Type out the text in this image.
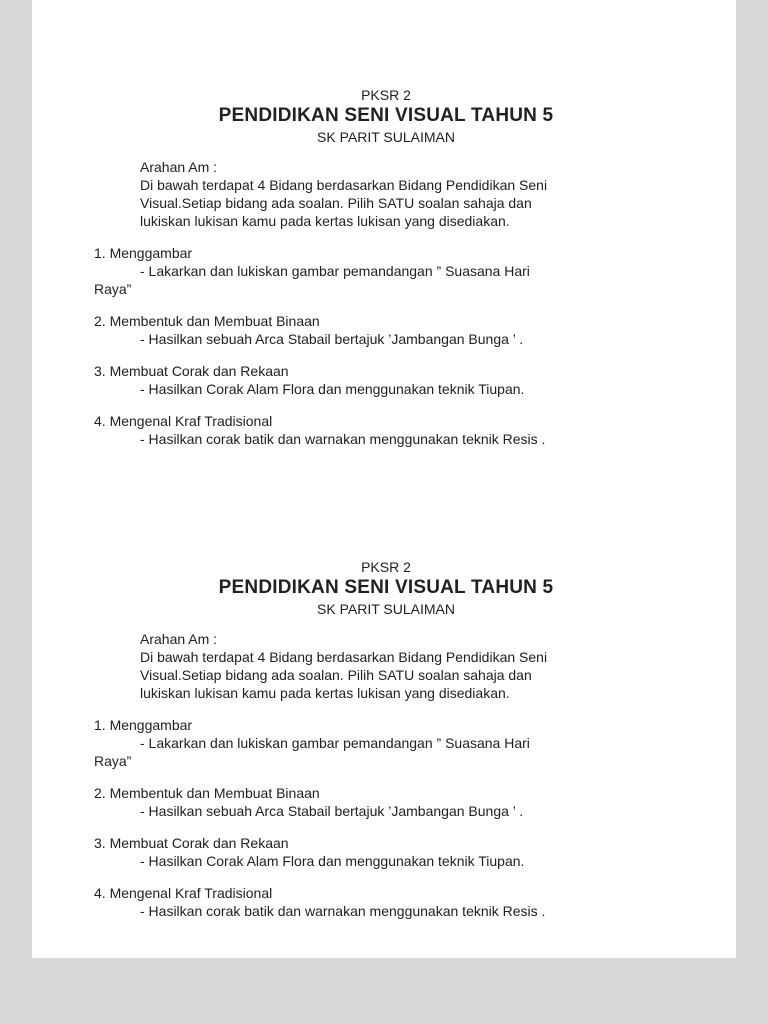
PKSR 2

PENDIDIKAN SENI VISUAL TAHUN 5

SK PARIT SULAIMAN

Arahan Am :

Di bawah terdapat 4 Bidang berdasarkan Bidang Pendidikan Seni

Visual.Setiap bidang ada soalan. Pilih SATU soalan sahaja dan

lukiskan lukisan kamu pada kertas lukisan yang disediakan.

1. Menggambar

- Lakarkan dan lukiskan gambar pemandangan ” Suasana Hari

Raya”

2. Membentuk dan Membuat Binaan

- Hasilkan sebuah Arca Stabail bertajuk ’Jambangan Bunga ’ .

3. Membuat Corak dan Rekaan

- Hasilkan Corak Alam Flora dan menggunakan teknik Tiupan.

4. Mengenal Kraf Tradisional

- Hasilkan corak batik dan warnakan menggunakan teknik Resis .

PKSR 2

PENDIDIKAN SENI VISUAL TAHUN 5

SK PARIT SULAIMAN

Arahan Am :

Di bawah terdapat 4 Bidang berdasarkan Bidang Pendidikan Seni

Visual.Setiap bidang ada soalan. Pilih SATU soalan sahaja dan

lukiskan lukisan kamu pada kertas lukisan yang disediakan.

1. Menggambar

- Lakarkan dan lukiskan gambar pemandangan ” Suasana Hari

Raya”

2. Membentuk dan Membuat Binaan

- Hasilkan sebuah Arca Stabail bertajuk ’Jambangan Bunga ’ .

3. Membuat Corak dan Rekaan

- Hasilkan Corak Alam Flora dan menggunakan teknik Tiupan.

4. Mengenal Kraf Tradisional

- Hasilkan corak batik dan warnakan menggunakan teknik Resis .
